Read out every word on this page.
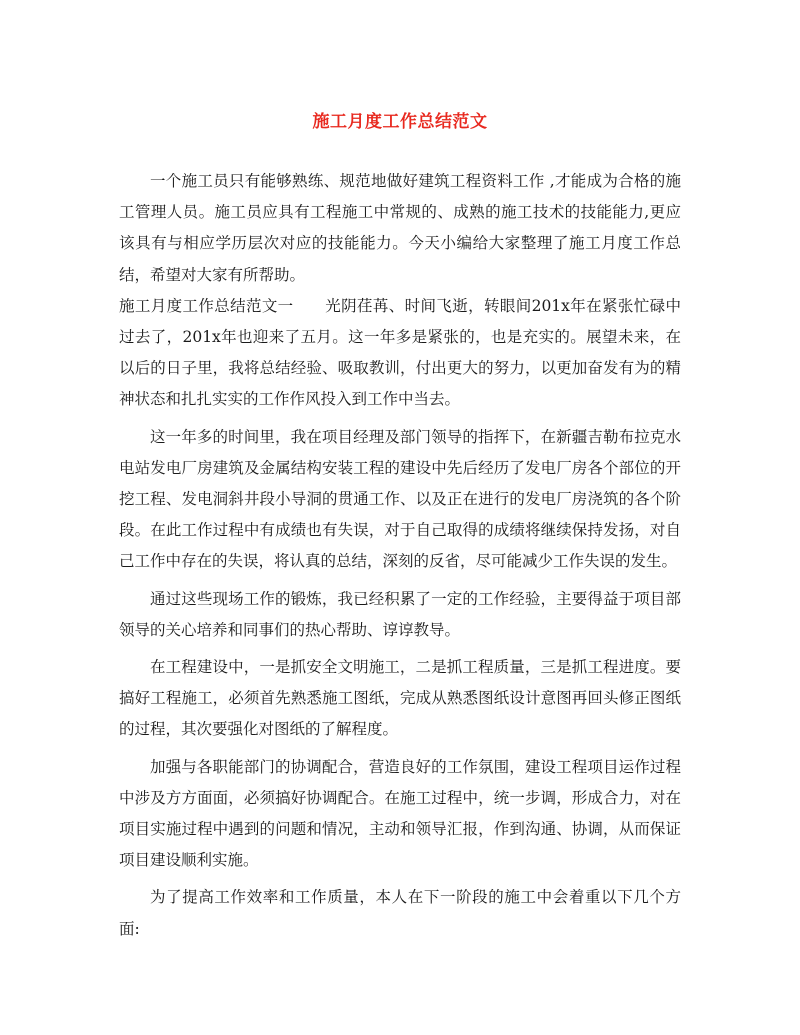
施工月度工作总结范文

一个施工员只有能够熟练、规范地做好建筑工程资料工作 ,才能成为合格的施工管理人员。施工员应具有工程施工中常规的、成熟的施工技术的技能能力,更应该具有与相应学历层次对应的技能能力。今天小编给大家整理了施工月度工作总结，希望对大家有所帮助。

施工月度工作总结范文一　　光阴荏苒、时间飞逝，转眼间201x年在紧张忙碌中过去了，201x年也迎来了五月。这一年多是紧张的，也是充实的。展望未来，在以后的日子里，我将总结经验、吸取教训，付出更大的努力，以更加奋发有为的精神状态和扎扎实实的工作作风投入到工作中当去。

这一年多的时间里，我在项目经理及部门领导的指挥下，在新疆吉勒布拉克水电站发电厂房建筑及金属结构安装工程的建设中先后经历了发电厂房各个部位的开挖工程、发电洞斜井段小导洞的贯通工作、以及正在进行的发电厂房浇筑的各个阶段。在此工作过程中有成绩也有失误，对于自己取得的成绩将继续保持发扬，对自己工作中存在的失误，将认真的总结，深刻的反省，尽可能减少工作失误的发生。

通过这些现场工作的锻炼，我已经积累了一定的工作经验，主要得益于项目部领导的关心培养和同事们的热心帮助、谆谆教导。

在工程建设中，一是抓安全文明施工，二是抓工程质量，三是抓工程进度。要搞好工程施工，必须首先熟悉施工图纸，完成从熟悉图纸设计意图再回头修正图纸的过程，其次要强化对图纸的了解程度。

加强与各职能部门的协调配合，营造良好的工作氛围，建设工程项目运作过程中涉及方方面面，必须搞好协调配合。在施工过程中，统一步调，形成合力，对在项目实施过程中遇到的问题和情况，主动和领导汇报，作到沟通、协调，从而保证项目建设顺利实施。

为了提高工作效率和工作质量，本人在下一阶段的施工中会着重以下几个方面:
